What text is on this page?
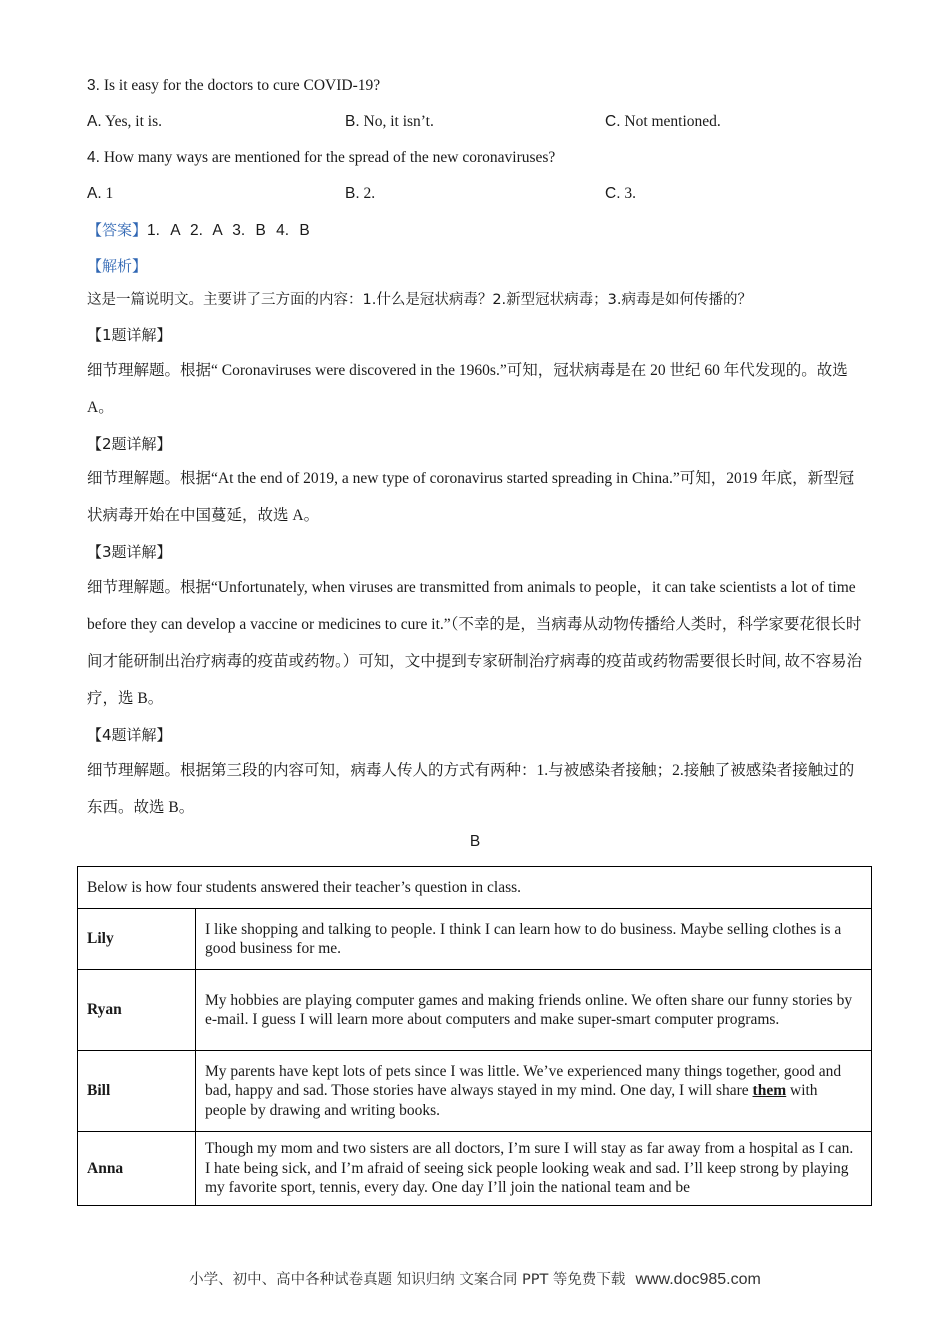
3. Is it easy for the doctors to cure COVID-19?
A. Yes, it is.	B. No, it isn’t.	C. Not mentioned.
4. How many ways are mentioned for the spread of the new coronaviruses?
A. 1	B. 2.	C. 3.
【答案】1. A 2. A 3. B 4. B
【解析】
这是一篇说明文。主要讲了三方面的内容：1.什么是冠状病毒？2.新型冠状病毒；3.病毒是如何传播的？
【1题详解】
细节理解题。根据“ Coronaviruses were discovered in the 1960s.”可知，冠状病毒是在 20 世纪 60 年代发现的。故选 A。
【2题详解】
细节理解题。根据“At the end of 2019, a new type of coronavirus started spreading in China.”可知，2019 年底，新型冠状病毒开始在中国蔓延，故选 A。
【3题详解】
细节理解题。根据“Unfortunately, when viruses are transmitted from animals to people，it can take scientists a lot of time before they can develop a vaccine or medicines to cure it.”（不幸的是，当病毒从动物传播给人类时，科学家要花很长时间才能研制出治疗病毒的疫苗或药物。）可知，文中提到专家研制治疗病毒的疫苗或药物需要很长时间, 故不容易治疗，选 B。
【4题详解】
细节理解题。根据第三段的内容可知，病毒人传人的方式有两种：1.与被感染者接触；2.接触了被感染者接触过的东西。故选 B。
B
Below is how four students answered their teacher’s question in class.	
Lily	I like shopping and talking to people. I think I can learn how to do business. Maybe selling clothes is a good business for me.
Ryan	My hobbies are playing computer games and making friends online. We often share our funny stories by e-mail. I guess I will learn more about computers and make super-smart computer programs.
Bill	My parents have kept lots of pets since I was little. We’ve experienced many things together, good and bad, happy and sad. Those stories have always stayed in my mind. One day, I will share them with people by drawing and writing books.
Anna	Though my mom and two sisters are all doctors, I’m sure I will stay as far away from a hospital as I can. I hate being sick, and I’m afraid of seeing sick people looking weak and sad. I’ll keep strong by playing my favorite sport, tennis, every day. One day I’ll join the national team and be
小学、初中、高中各种试卷真题 知识归纳 文案合同 PPT 等免费下载 www.doc985.com
